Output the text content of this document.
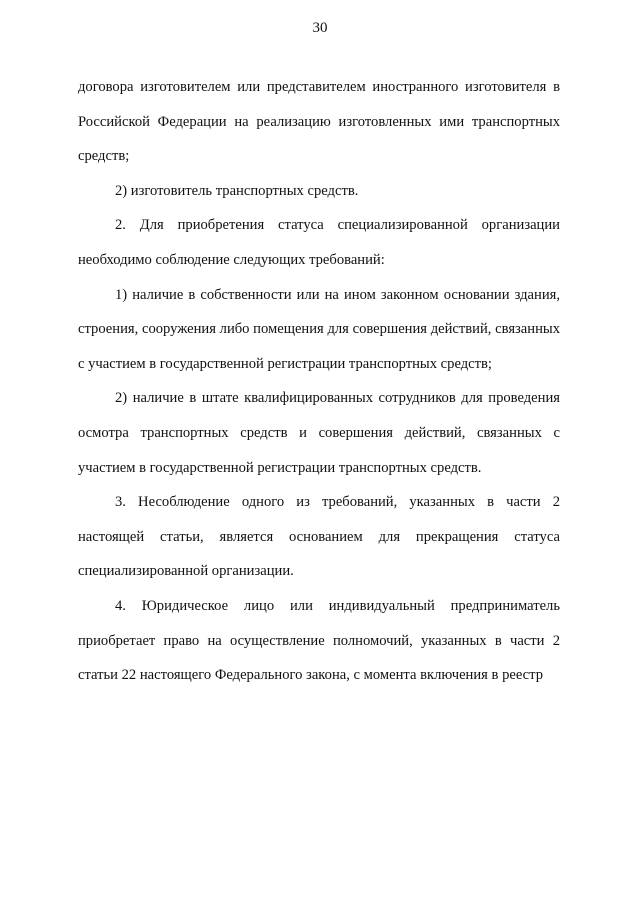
30

договора изготовителем или представителем иностранного изготовителя в Российской Федерации на реализацию изготовленных ими транспортных средств;

2) изготовитель транспортных средств.

2. Для приобретения статуса специализированной организации необходимо соблюдение следующих требований:

1) наличие в собственности или на ином законном основании здания, строения, сооружения либо помещения для совершения действий, связанных с участием в государственной регистрации транспортных средств;

2) наличие в штате квалифицированных сотрудников для проведения осмотра транспортных средств и совершения действий, связанных с участием в государственной регистрации транспортных средств.

3. Несоблюдение одного из требований, указанных в части 2 настоящей статьи, является основанием для прекращения статуса специализированной организации.

4. Юридическое лицо или индивидуальный предприниматель приобретает право на осуществление полномочий, указанных в части 2 статьи 22 настоящего Федерального закона, с момента включения в реестр
